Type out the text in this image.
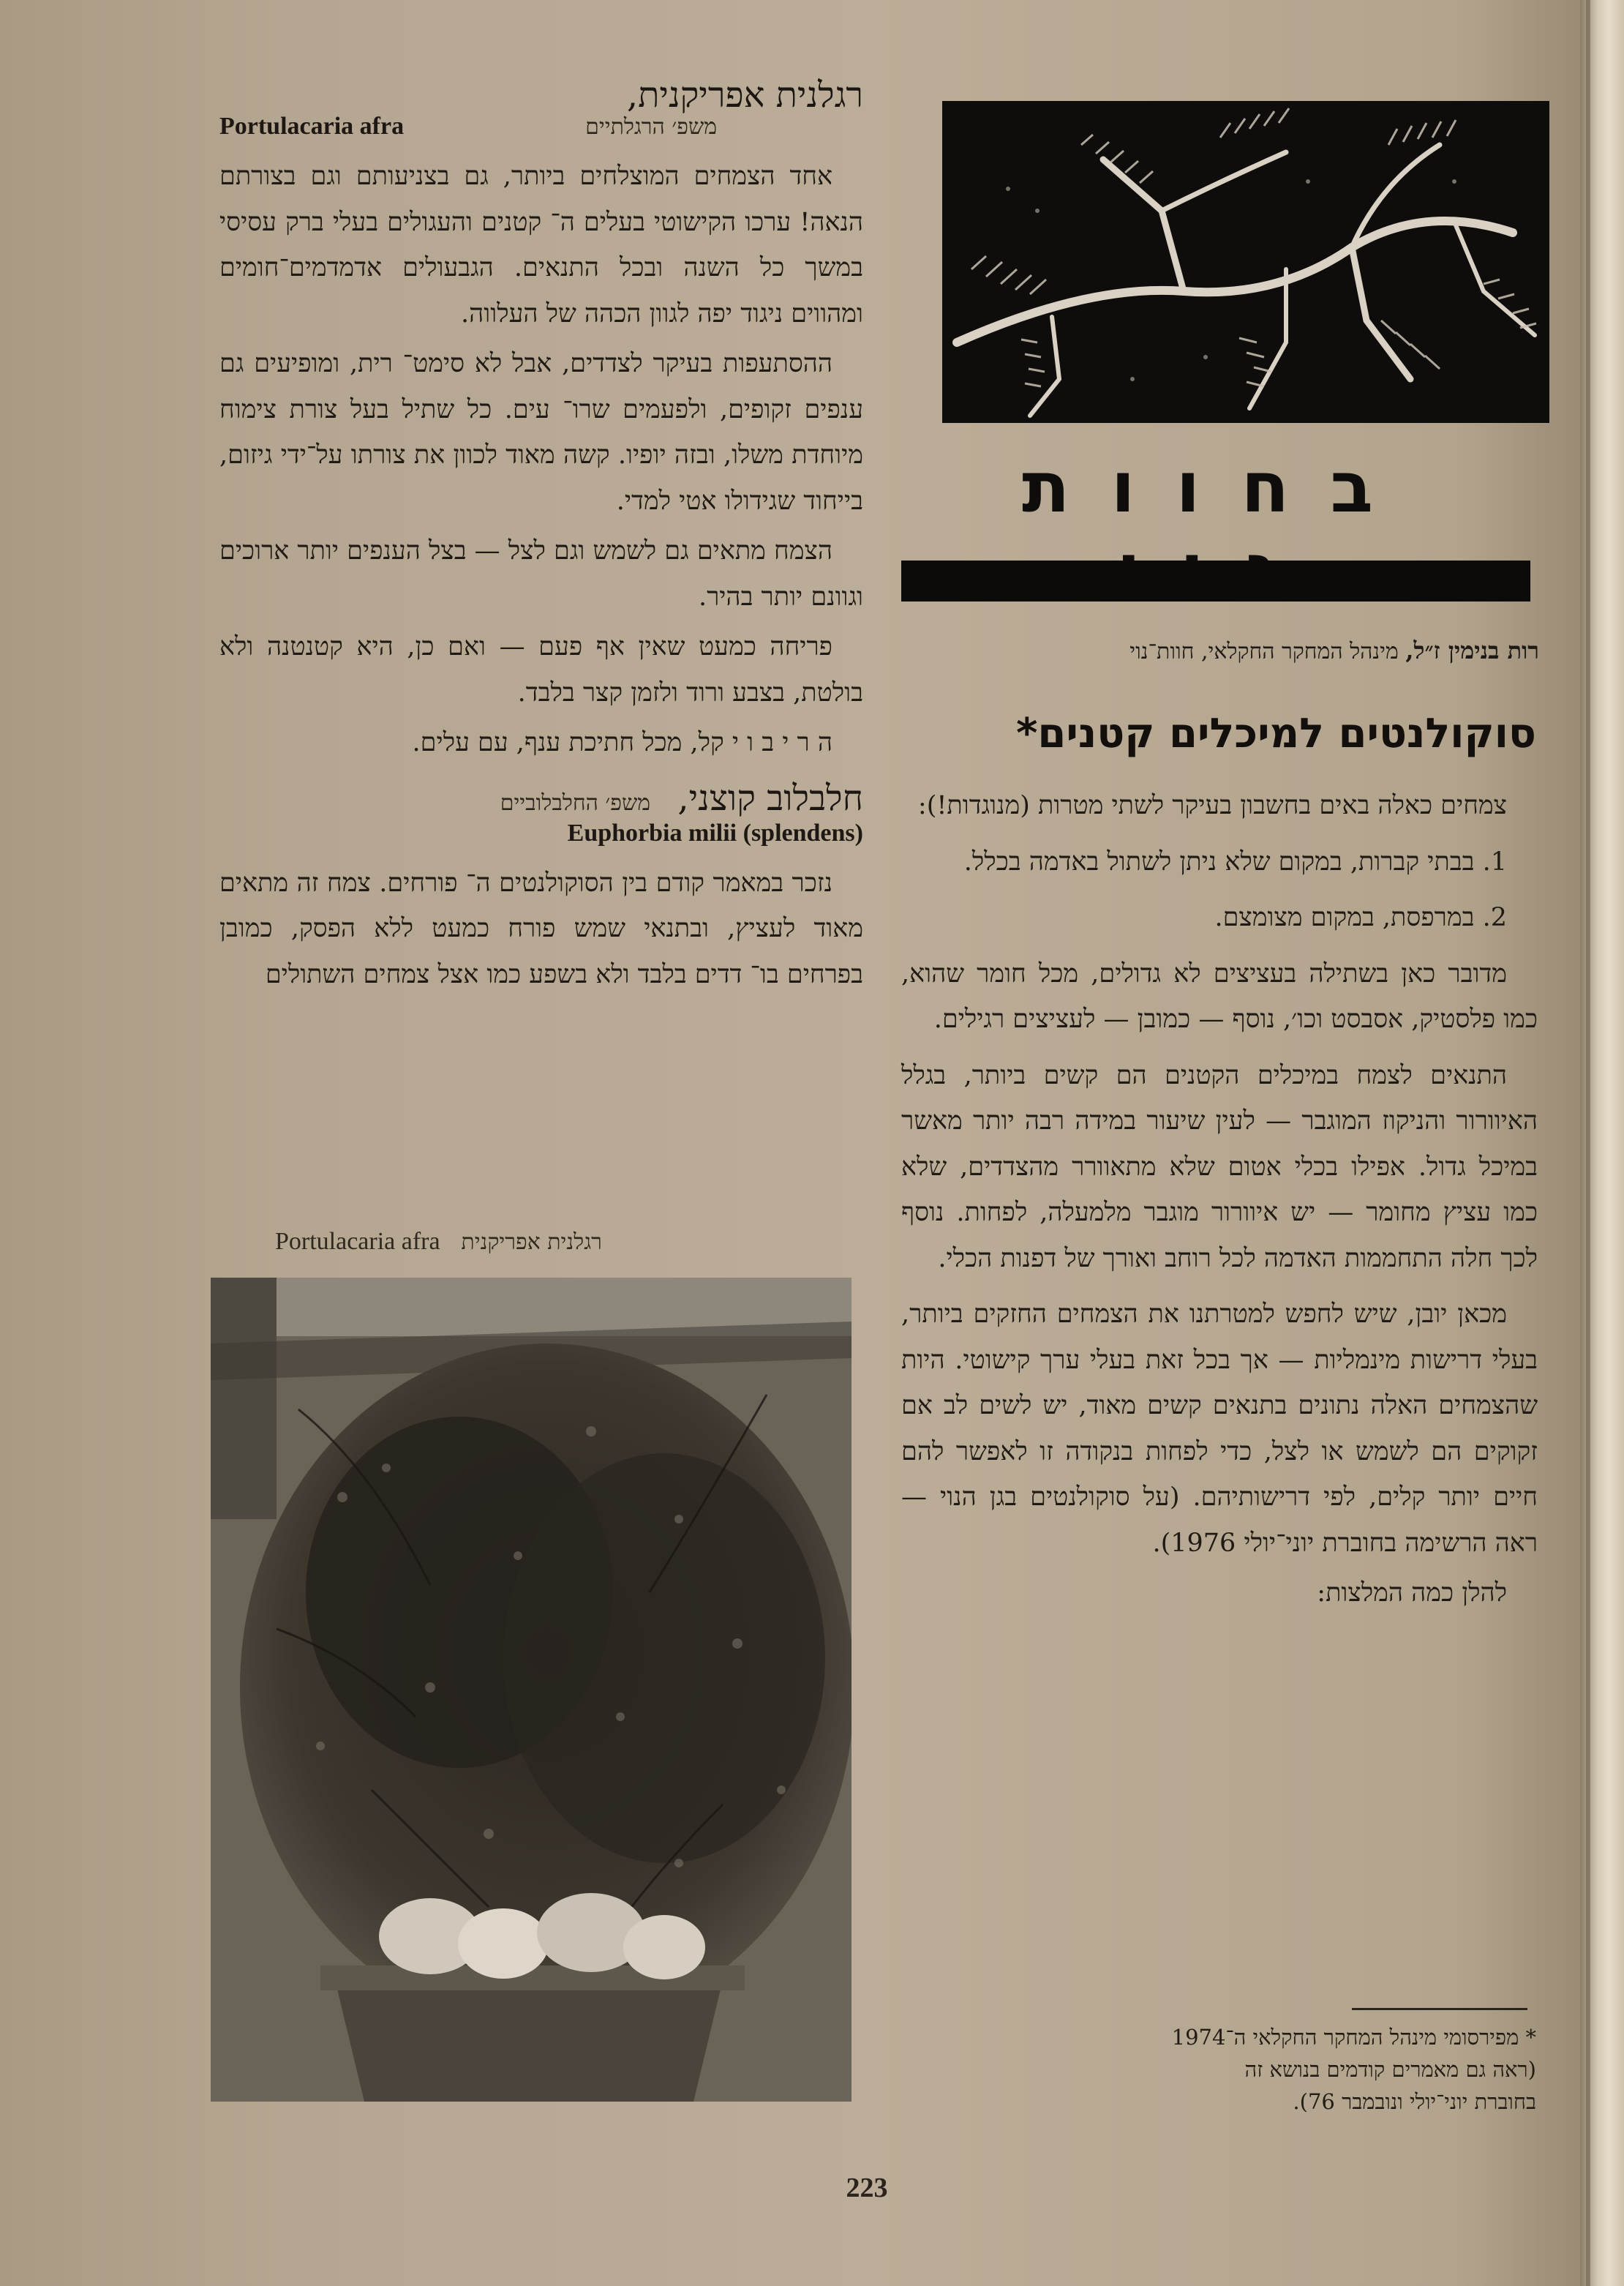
רגלנית אפריקנית,
Portulacaria afra	משפ׳ הרגלתיים

אחד הצמחים המוצלחים ביותר, גם בצניעותם וגם בצורתם הנאה! ערכו הקישוטי בעלים ה־ קטנים והעגולים בעלי ברק עסיסי במשך כל השנה ובכל התנאים. הגבעולים אדמדמים־חומים ומהווים ניגוד יפה לגוון הכהה של העלווה.

ההסתעפות בעיקר לצדדים, אבל לא סימט־ רית, ומופיעים גם ענפים זקופים, ולפעמים שרו־ עים. כל שתיל בעל צורת צימוח מיוחדת משלו, ובזה יופיו. קשה מאוד לכוון את צורתו על־ידי גיזום, בייחוד שגידולו אטי למדי.

הצמח מתאים גם לשמש וגם לצל — בצל הענפים יותר ארוכים וגוונם יותר בהיר.

פריחה כמעט שאין אף פעם — ואם כן, היא קטנטנה ולא בולטת, בצבע ורוד ולזמן קצר בלבד.

ה ר י ב ו י קל, מכל חתיכת ענף, עם עלים.

חלבלוב קוצני, משפ׳ החלבלוביים
Euphorbia milii (splendens)

נזכר במאמר קודם בין הסוקולנטים ה־ פורחים. צמח זה מתאים מאוד לעציץ, ובתנאי שמש פורח כמעט ללא הפסק, כמובן בפרחים בו־ דדים בלבד ולא בשפע כמו אצל צמחים השתולים

Portulacaria afra רגלנית אפריקנית
בחוות
רות בנימין ז״ל, מינהל המחקר החקלאי, חוות־נוי
סוקולנטים למיכלים קטנים*

צמחים כאלה באים בחשבון בעיקר לשתי מטרות (מנוגדות!):

1. בבתי קברות, במקום שלא ניתן לשתול באדמה בכלל.

2. במרפסת, במקום מצומצם.

מדובר כאן בשתילה בעציצים לא גדולים, מכל חומר שהוא, כמו פלסטיק, אסבסט וכו׳, נוסף — כמובן — לעציצים רגילים.

התנאים לצמח במיכלים הקטנים הם קשים ביותר, בגלל האיוורור והניקוז המוגבר — לעין שיעור במידה רבה יותר מאשר במיכל גדול. אפילו בכלי אטום שלא מתאוורר מהצדדים, שלא כמו עציץ מחומר — יש איוורור מוגבר מלמעלה, לפחות. נוסף לכך חלה התחממות האדמה לכל רוחב ואורך של דפנות הכלי.

מכאן יובן, שיש לחפש למטרתנו את הצמחים החזקים ביותר, בעלי דרישות מינמליות — אך בכל זאת בעלי ערך קישוטי. היות שהצמחים האלה נתונים בתנאים קשים מאוד, יש לשים לב אם זקוקים הם לשמש או לצל, כדי לפחות בנקודה זו לאפשר להם חיים יותר קלים, לפי דרישותיהם. (על סוקולנטים בגן הנוי — ראה הרשימה בחוברת יוני־יולי 1976).

להלן כמה המלצות:

* מפירסומי מינהל המחקר החקלאי ה־1974
(ראה גם מאמרים קודמים בנושא זה
בחוברת יוני־יולי ונובמבר 76).
223
